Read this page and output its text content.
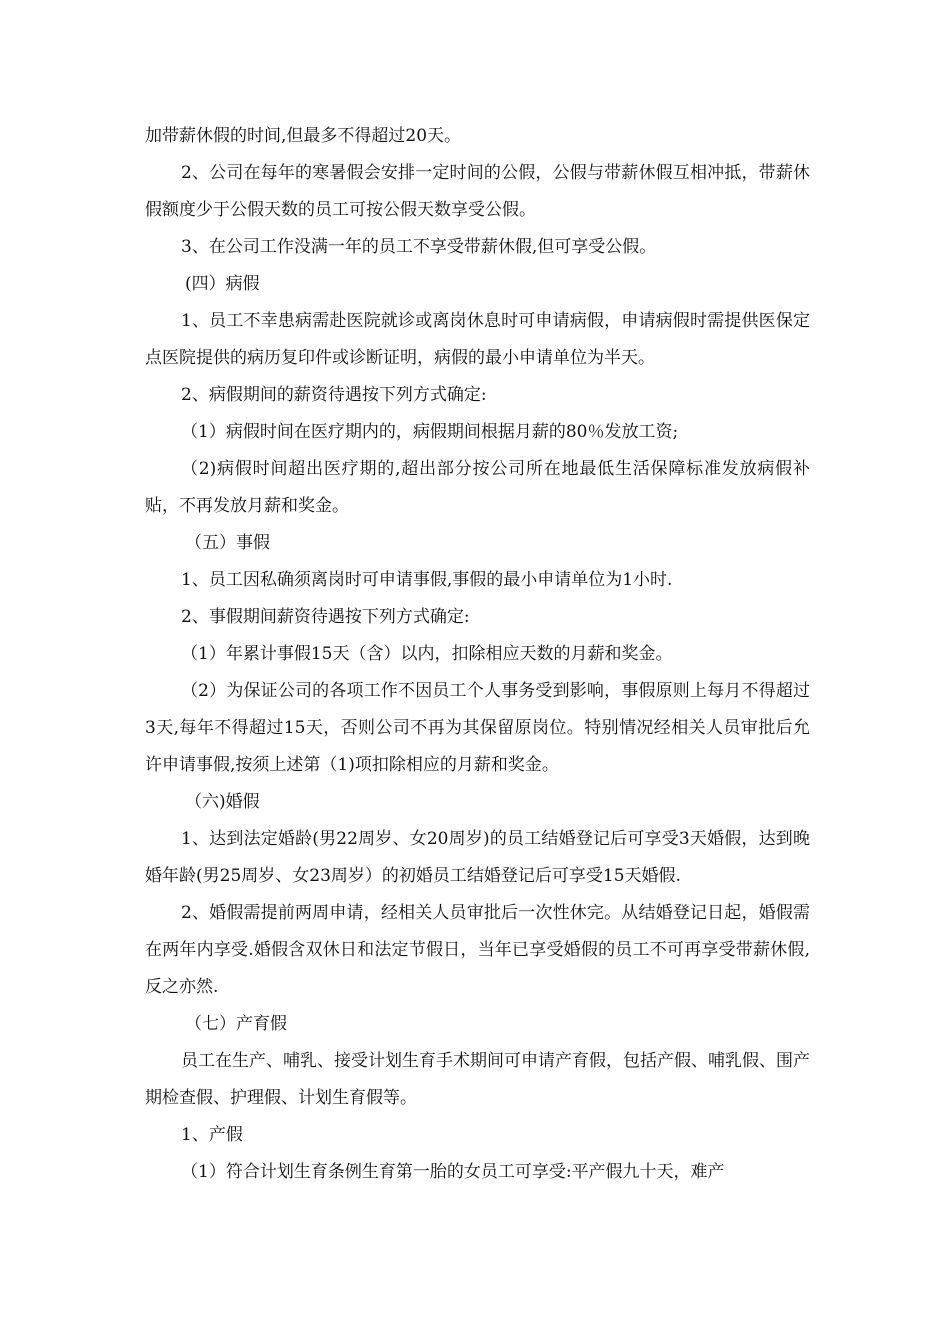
加带薪休假的时间,但最多不得超过20天。

2、公司在每年的寒暑假会安排一定时间的公假，公假与带薪休假互相冲抵，带薪休假额度少于公假天数的员工可按公假天数享受公假。

3、在公司工作没满一年的员工不享受带薪休假,但可享受公假。

(四）病假

1、员工不幸患病需赴医院就诊或离岗休息时可申请病假，申请病假时需提供医保定点医院提供的病历复印件或诊断证明，病假的最小申请单位为半天。

2、病假期间的薪资待遇按下列方式确定:

（1）病假时间在医疗期内的，病假期间根据月薪的80％发放工资;

（2)病假时间超出医疗期的,超出部分按公司所在地最低生活保障标准发放病假补贴，不再发放月薪和奖金。

（五）事假

1、员工因私确须离岗时可申请事假,事假的最小申请单位为1小时.

2、事假期间薪资待遇按下列方式确定:

（1）年累计事假15天（含）以内，扣除相应天数的月薪和奖金。

（2）为保证公司的各项工作不因员工个人事务受到影响，事假原则上每月不得超过3天,每年不得超过15天，否则公司不再为其保留原岗位。特别情况经相关人员审批后允许申请事假,按须上述第（1)项扣除相应的月薪和奖金。

（六)婚假

1、达到法定婚龄(男22周岁、女20周岁)的员工结婚登记后可享受3天婚假，达到晚婚年龄(男25周岁、女23周岁）的初婚员工结婚登记后可享受15天婚假.

2、婚假需提前两周申请，经相关人员审批后一次性休完。从结婚登记日起，婚假需在两年内享受.婚假含双休日和法定节假日，当年已享受婚假的员工不可再享受带薪休假,反之亦然.

（七）产育假

员工在生产、哺乳、接受计划生育手术期间可申请产育假，包括产假、哺乳假、围产期检查假、护理假、计划生育假等。

1、产假

（1）符合计划生育条例生育第一胎的女员工可享受:平产假九十天，难产
